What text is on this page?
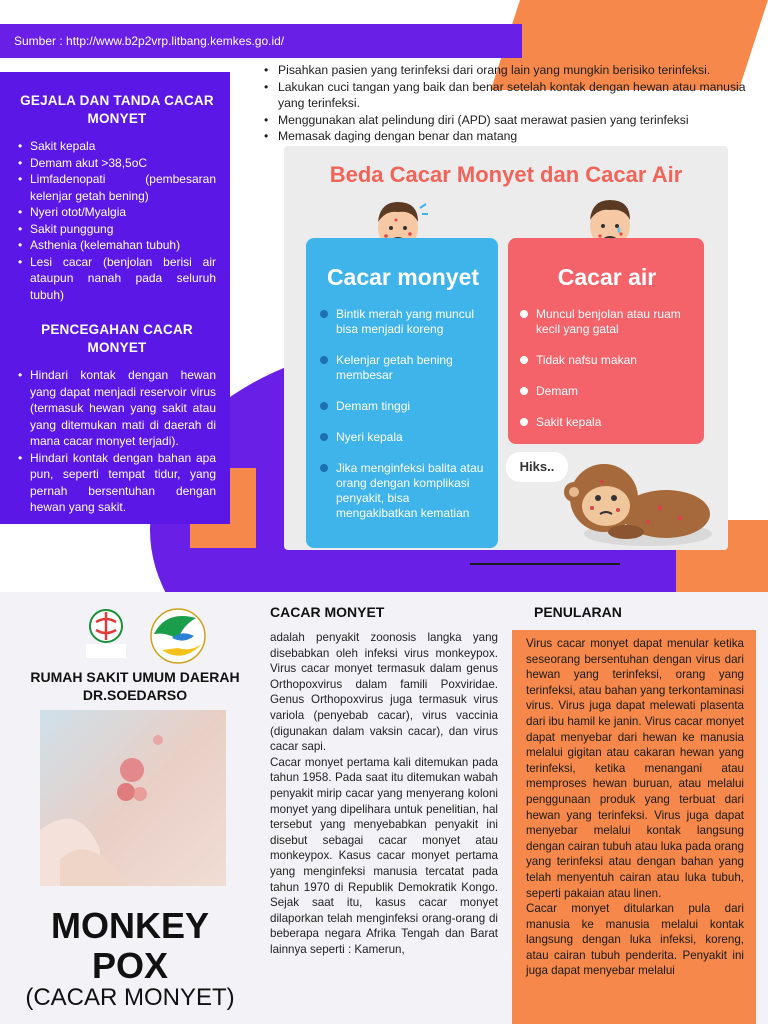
Sumber : http://www.b2p2vrp.litbang.kemkes.go.id/
GEJALA DAN TANDA CACAR MONYET
• Sakit kepala
• Demam akut >38,5oC
• Limfadenopati (pembesaran kelenjar getah bening)
• Nyeri otot/Myalgia
• Sakit punggung
• Asthenia (kelemahan tubuh)
• Lesi cacar (benjolan berisi air ataupun nanah pada seluruh tubuh)
PENCEGAHAN CACAR MONYET
• Hindari kontak dengan hewan yang dapat menjadi reservoir virus (termasuk hewan yang sakit atau yang ditemukan mati di daerah di mana cacar monyet terjadi).
• Hindari kontak dengan bahan apa pun, seperti tempat tidur, yang pernah bersentuhan dengan hewan yang sakit.
• Pisahkan pasien yang terinfeksi dari orang lain yang mungkin berisiko terinfeksi.
• Lakukan cuci tangan yang baik dan benar setelah kontak dengan hewan atau manusia yang terinfeksi.
• Menggunakan alat pelindung diri (APD) saat merawat pasien yang terinfeksi
• Memasak daging dengan benar dan matang
Beda Cacar Monyet dan Cacar Air
Cacar monyet
Bintik merah yang muncul bisa menjadi koreng
Kelenjar getah bening membesar
Demam tinggi
Nyeri kepala
Jika menginfeksi balita atau orang dengan komplikasi penyakit, bisa mengakibatkan kematian
Cacar air
Muncul benjolan atau ruam kecil yang gatal
Tidak nafsu makan
Demam
Sakit kepala
Hiks..
RUMAH SAKIT UMUM DAERAH DR.SOEDARSO
MONKEY POX
(CACAR MONYET)
CACAR MONYET

adalah penyakit zoonosis langka yang disebabkan oleh infeksi virus monkeypox. Virus cacar monyet termasuk dalam genus Orthopoxvirus dalam famili Poxviridae. Genus Orthopoxvirus juga termasuk virus variola (penyebab cacar), virus vaccinia (digunakan dalam vaksin cacar), dan virus cacar sapi.

Cacar monyet pertama kali ditemukan pada tahun 1958. Pada saat itu ditemukan wabah penyakit mirip cacar yang menyerang koloni monyet yang dipelihara untuk penelitian, hal tersebut yang menyebabkan penyakit ini disebut sebagai cacar monyet atau monkeypox. Kasus cacar monyet pertama yang menginfeksi manusia tercatat pada tahun 1970 di Republik Demokratik Kongo. Sejak saat itu, kasus cacar monyet dilaporkan telah menginfeksi orang-orang di beberapa negara Afrika Tengah dan Barat lainnya seperti : Kamerun,

PENULARAN

Virus cacar monyet dapat menular ketika seseorang bersentuhan dengan virus dari hewan yang terinfeksi, orang yang terinfeksi, atau bahan yang terkontaminasi virus. Virus juga dapat melewati plasenta dari ibu hamil ke janin. Virus cacar monyet dapat menyebar dari hewan ke manusia melalui gigitan atau cakaran hewan yang terinfeksi, ketika menangani atau memproses hewan buruan, atau melalui penggunaan produk yang terbuat dari hewan yang terinfeksi. Virus juga dapat menyebar melalui kontak langsung dengan cairan tubuh atau luka pada orang yang terinfeksi atau dengan bahan yang telah menyentuh cairan atau luka tubuh, seperti pakaian atau linen.

Cacar monyet ditularkan pula dari manusia ke manusia melalui kontak langsung dengan luka infeksi, koreng, atau cairan tubuh penderita. Penyakit ini juga dapat menyebar melalui
